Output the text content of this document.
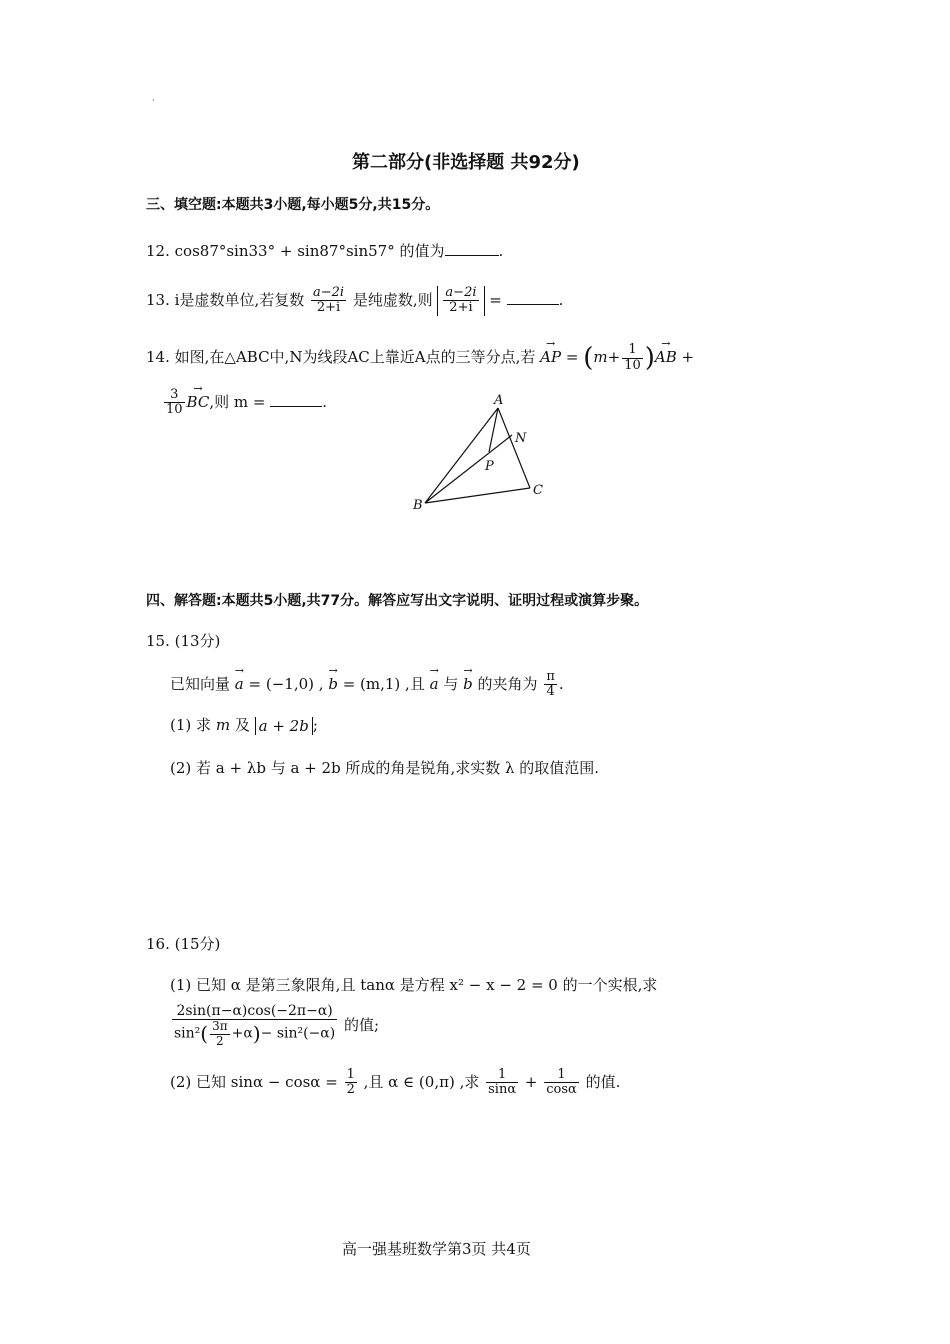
·
第二部分(非选择题 共92分)
三、填空题:本题共3小题,每小题5分,共15分。
12. cos87°sin33° + sin87°sin57° 的值为	.
13. i是虚数单位,若复数 $\frac{a-2i}{2+i}$ 是纯虚数,则 $\frac{a-2i}{2+i}$ =	.
14. 如图,在△ABC中,N为线段AC上靠近A点的三等分点,若 → AP = ($m+ \frac{1}{10}$ )→ AB +
$\frac{3}{10}$ → BC,则 m =	.	A
B
C
N
P
四、解答题:本题共5小题,共77分。解答应写出文字说明、证明过程或演算步聚。
15. (13分)
已知向量 → a = (−1,0) , → b = (m,1) ,且 → a 与 → b 的夹角为 $\frac{\pi}{4}$ .
(1) 求 m 及 a + 2b ;
(2) 若 a + λb 与 a + 2b 所成的角是锐角,求实数 λ 的取值范围.
16. (15分)
(1) 已知 α 是第三象限角,且 tanα 是方程 x² − x − 2 = 0 的一个实根,求
$\frac{2\sin(\pi-\alpha)\cos(-2\pi-\alpha)}{\sin^2( \frac{3\pi}{2} +\alpha)- \sin^2(-\alpha)}$ 的值;
(2) 已知 $\sin\alpha - \cos\alpha = \frac{1}{2}$ ,且 α ∈ (0,π) ,求 $\frac{1}{\sin\alpha} + \frac{1}{\cos\alpha}$ 的值.
高一强基班数学第3页 共4页
